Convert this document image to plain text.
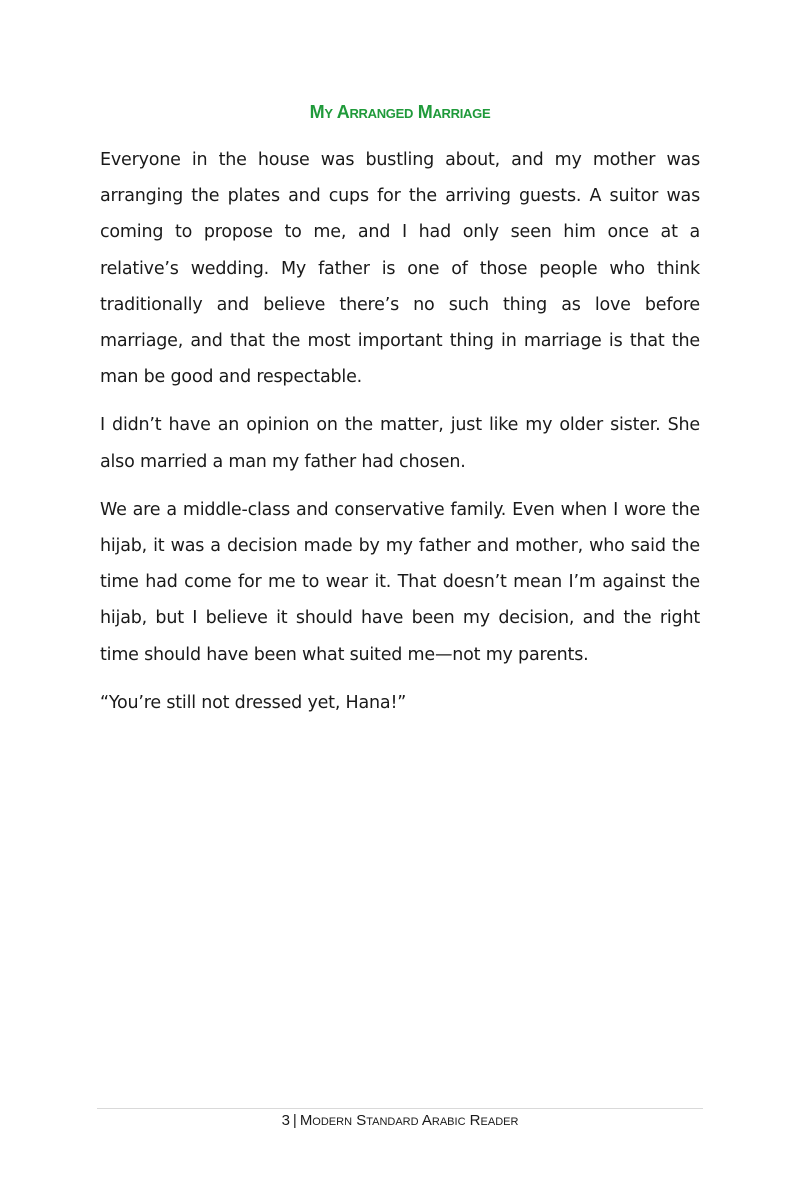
My Arranged Marriage

Everyone in the house was bustling about, and my mother was arranging the plates and cups for the arriving guests. A suitor was coming to propose to me, and I had only seen him once at a relative’s wedding. My father is one of those people who think traditionally and believe there’s no such thing as love before marriage, and that the most important thing in marriage is that the man be good and respectable.

I didn’t have an opinion on the matter, just like my older sister. She also married a man my father had chosen.

We are a middle-class and conservative family. Even when I wore the hijab, it was a decision made by my father and mother, who said the time had come for me to wear it. That doesn’t mean I’m against the hijab, but I believe it should have been my decision, and the right time should have been what suited me—not my parents.

“You’re still not dressed yet, Hana!”

3 | Modern Standard Arabic Reader
